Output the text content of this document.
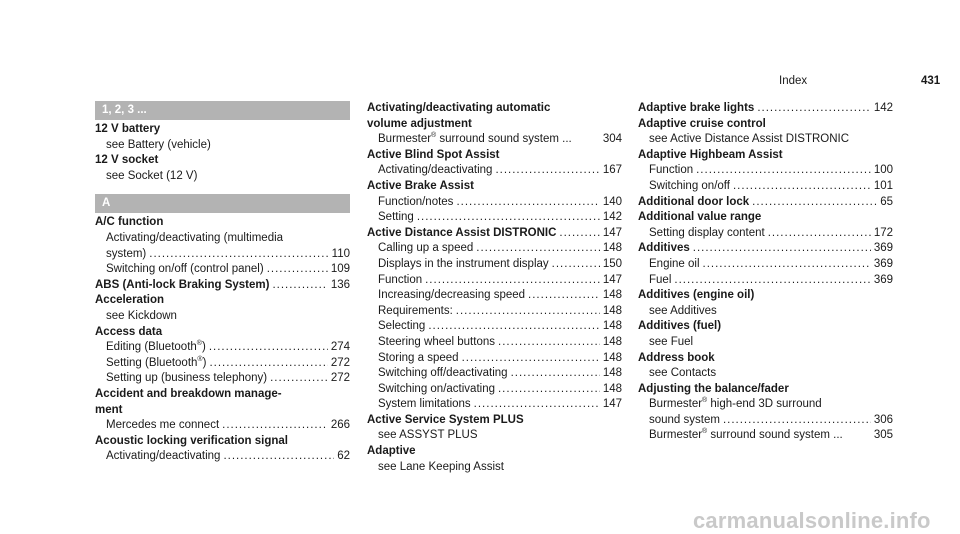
Index	431
1, 2, 3 ...
12 V battery
see Battery (vehicle)
12 V socket
see Socket (12 V)
A
A/C function
Activating/deactivating (multimedia
system) .....	110
Switching on/off (control panel) .....	109
ABS (Anti-lock Braking System) .....	136
Acceleration
see Kickdown
Access data
Editing (Bluetooth®) .....	274
Setting (Bluetooth®) .....	272
Setting up (business telephony) .....	272
Accident and breakdown manage-
ment
Mercedes me connect .....	266
Acoustic locking verification signal
Activating/deactivating .....	62
Activating/deactivating automatic
volume adjustment
Burmester® surround sound system ...	304
Active Blind Spot Assist
Activating/deactivating .....	167
Active Brake Assist
Function/notes .....	140
Setting .....	142
Active Distance Assist DISTRONIC .....	147
Calling up a speed .....	148
Displays in the instrument display .....	150
Function .....	147
Increasing/decreasing speed .....	148
Requirements: .....	148
Selecting .....	148
Steering wheel buttons .....	148
Storing a speed .....	148
Switching off/deactivating .....	148
Switching on/activating .....	148
System limitations .....	147
Active Service System PLUS
see ASSYST PLUS
Adaptive
see Lane Keeping Assist
Adaptive brake lights .....	142
Adaptive cruise control
see Active Distance Assist DISTRONIC
Adaptive Highbeam Assist
Function .....	100
Switching on/off .....	101
Additional door lock .....	65
Additional value range
Setting display content .....	172
Additives .....	369
Engine oil .....	369
Fuel .....	369
Additives (engine oil)
see Additives
Additives (fuel)
see Fuel
Address book
see Contacts
Adjusting the balance/fader
Burmester® high-end 3D surround
sound system .....	306
Burmester® surround sound system ...	305
carmanualsonline.info
